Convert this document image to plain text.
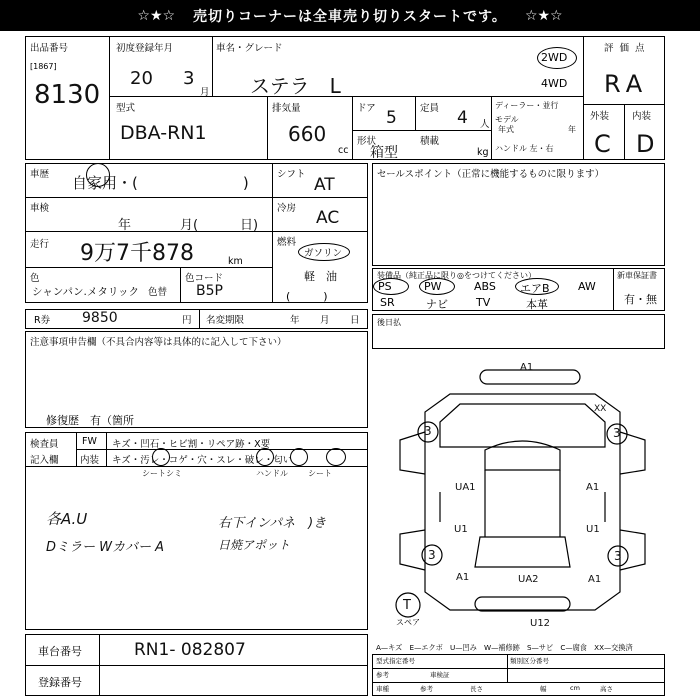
☆★☆ 売切りコーナーは全車売り切りスタートです。 ☆★☆
出品番号
[1867]
8130
初度登録年月
20 3
月
車名・グレード
ステラ　L
2WD
4WD
評価点
RA
外装 内装
C D
型式
DBA-RN1
排気量
660
cc
ドア 5 定員 4 人
形状
箱型
積載
kg
ディーラー・並行
モデル
年式	年
ハンドル 左・右
車歴 自家用・(　　　　　　　)
車検
年	月(	日)
走行 9万7千878	km
色
シャンパン.メタリック 色替
色コード
B5P
シフト
AT
冷房 AC
燃料
ガソリン
軽　油
(　　　)
セールスポイント（正常に機能するものに限ります）
装備品（純正品に限り◎をつけてください）	新車保証書
有・無
PS	PW	ABS エアB	AW
SR	ナビ	TV	本革
R券 9850	円 名変期限	年 月 日 後日払
注意事項申告欄（不具合内容等は具体的に記入して下さい）
修復歴　有（箇所
検査員
記入欄
FW キズ・凹石・ヒビ割・リペア跡・X要
内装 キズ・汚レ・コゲ・穴・スレ・破レ・匂い
シートシミ	ハンドル	シート
各A.U
Dミラー Wカバー A
右下インパネ　)き
日焼アポット
A1
XX
3	3
UA1	A1
U1	U1
3	3
A1	UA2	A1
T
スペア	U12
A—キズ　E—エクボ　U—凹み　W—補修跡　S—サビ　C—腐食　XX—交換済
車台番号	RN1- 082807
登録番号
型式指定番号	類別区分番号
参考	車検証
車種	参考	長さ	幅	高さ
cm
